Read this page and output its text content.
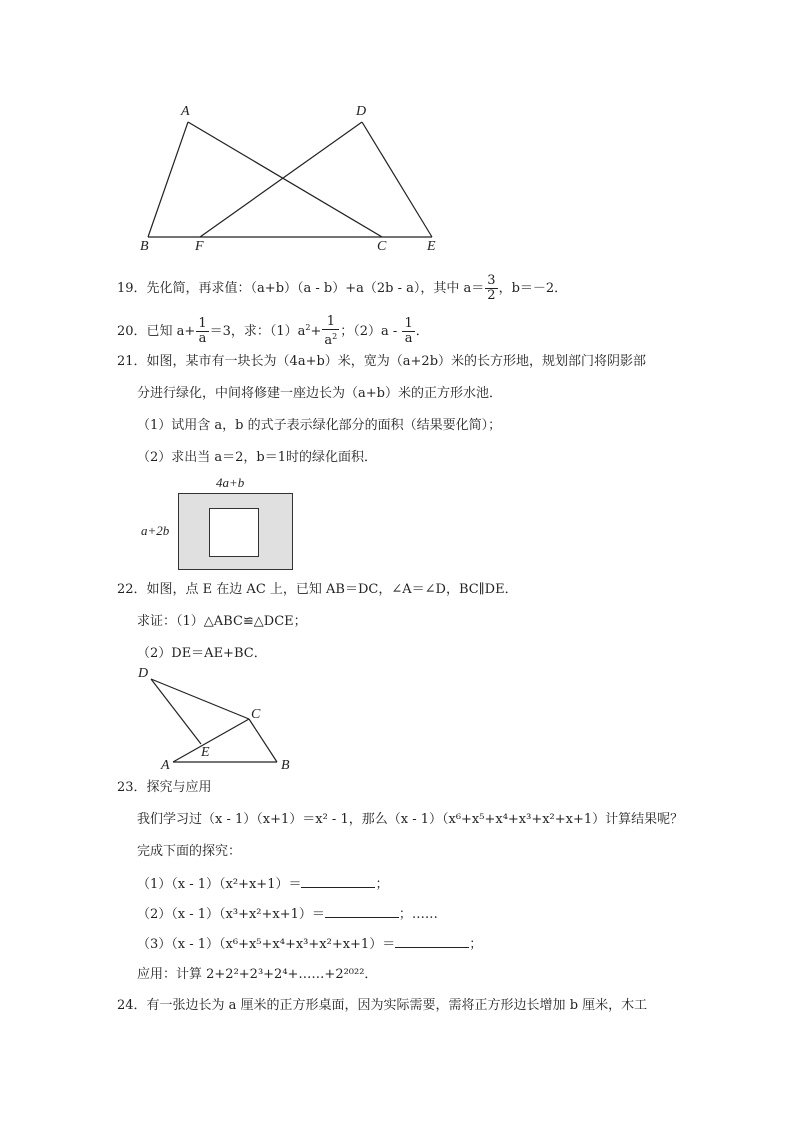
A	D
B	F	C	E
19．先化简，再求值：（a+b）（a - b）+a（2b - a），其中 $a= \frac{3}{2}$ ，b＝－2．
20．已知 $a+ \frac{1}{a} =3$，求：$(1)a^2+ \frac{1}{a^2}$ ；$(2)a - \frac{1}{a}$ ．
21．如图，某市有一块长为（4a+b）米，宽为（a+2b）米的长方形地，规划部门将阴影部
分进行绿化，中间将修建一座边长为（a+b）米的正方形水池．
（1）试用含 a，b 的式子表示绿化部分的面积（结果要化简）；
（2）求出当 a＝2，b＝1时的绿化面积．
4a+b
a+2b
22．如图，点 E 在边 AC 上，已知 AB＝DC，∠A＝∠D，BC∥DE．
求证：（1）△ABC≌△DCE；
（2）DE＝AE+BC．
D
C
E
A	B
23．探究与应用
我们学习过（x - 1）（x+1）＝x² - 1，那么（x - 1）（x⁶+x⁵+x⁴+x³+x²+x+1）计算结果呢？
完成下面的探究：
（1）（x - 1）（x²+x+1）＝	；
（2）（x - 1）（x³+x²+x+1）＝	；……
（3）（x - 1）（x⁶+x⁵+x⁴+x³+x²+x+1）＝	；
应用：计算 2+2²+2³+2⁴+……+2²⁰²²．
24．有一张边长为 a 厘米的正方形桌面，因为实际需要，需将正方形边长增加 b 厘米，木工
